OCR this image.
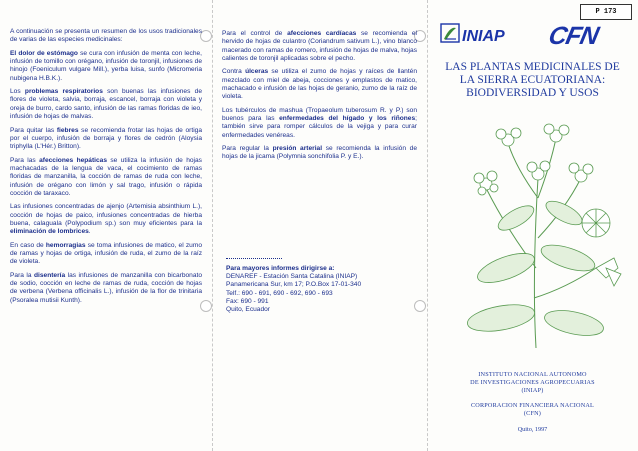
A continuación se presenta un resumen de los usos tradicionales de varias de las especies medicinales:

El dolor de estómago se cura con infusión de menta con leche, infusión de tomillo con orégano, infusión de toronjil, infusiones de hinojo (Foeniculum vulgare Mill.), yerba luisa, sunfo (Micromeria nubigena H.B.K.).

Los problemas respiratorios son buenas las infusiones de flores de violeta, salvia, borraja, escancel, borraja con violeta y oreja de burro, cardo santo, infusión de las ramas floridas de ieo, infusión de hojas de malvas.

Para quitar las fiebres se recomienda frotar las hojas de ortiga por el cuerpo, infusión de borraja y flores de cedrón (Aloysia triphylla (L'Hér.) Britton).

Para las afecciones hepáticas se utiliza la infusión de hojas machacadas de la lengua de vaca, el cocimiento de ramas floridas de manzanilla, la cocción de ramas de ruda con leche, infusión de orégano con limón y sal trago, infusión o rápida cocción de taraxaco.

Las infusiones concentradas de ajenjo (Artemisia absinthium L.), cocción de hojas de paico, infusiones concentradas de hierba buena, calaguala (Polypodium sp.) son muy eficientes para la eliminación de lombrices.

En caso de hemorragias se toma infusiones de matico, el zumo de ramas y hojas de ortiga, infusión de ruda, el zumo de la raíz de violeta.

Para la disentería las infusiones de manzanilla con bicarbonato de sodio, cocción en leche de ramas de ruda, cocción de hojas de verbena (Verbena officinalis L.), infusión de la flor de trinitaria (Psoralea mutisii Kunth).

Para el control de afecciones cardíacas se recomienda el hervido de hojas de culantro (Coriandrum sativum L.), vino blanco macerado con ramas de romero, infusión de hojas de malva, hojas calientes de toronjil aplicadas sobre el pecho.

Contra úlceras se utiliza el zumo de hojas y raíces de llantén mezclado con miel de abeja, cocciones y emplastos de matico, machacado e infusión de las hojas de geranio, zumo de la raíz de violeta.

Los tubérculos de mashua (Tropaeolum tuberosum R. y P.) son buenos para las enfermedades del hígado y los riñones; también sirve para romper cálculos de la vejiga y para curar enfermedades venéreas.

Para regular la presión arterial se recomienda la infusión de hojas de la jicama (Polymnia sonchifolia P. y E.).

Para mayores informes dirigirse a:
DENAREF - Estación Santa Catalina (INIAP)
Panamericana Sur, km 17; P.O.Box 17-01-340
Telf.: 690 - 691, 690 - 692, 690 - 693
Fax: 690 - 991
Quito, Ecuador
P 173
INIAP CFN
LAS PLANTAS MEDICINALES DE
LA SIERRA ECUATORIANA:
BIODIVERSIDAD Y USOS
INSTITUTO NACIONAL AUTONOMO
DE INVESTIGACIONES AGROPECUARIAS
(INIAP)
CORPORACION FINANCIERA NACIONAL
(CFN)
Quito, 1997
